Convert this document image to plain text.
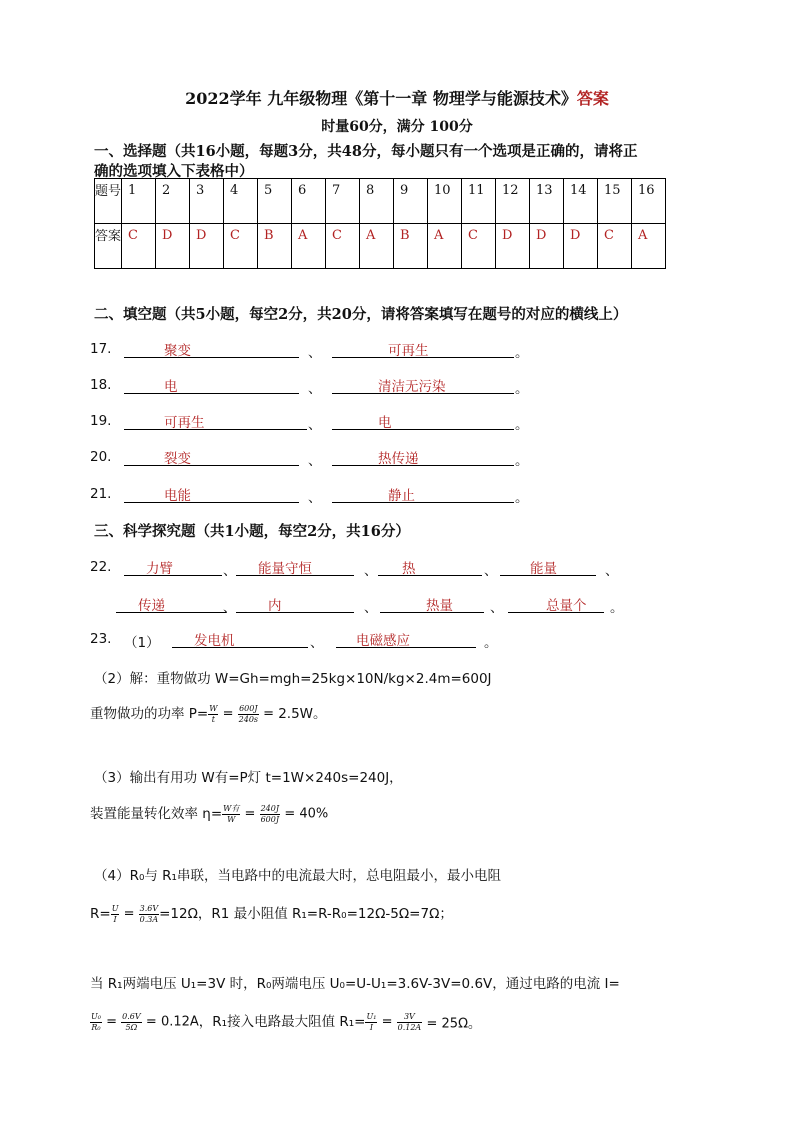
2022学年 九年级物理《第十一章 物理学与能源技术》答案
时量60分，满分 100分
一、选择题（共16小题，每题3分，共48分，每小题只有一个选项是正确的，请将正
确的选项填入下表格中）
题号	1	2	3	4	5	6	7	8	9	10	11	12	13	14	15	16
答案	C	D	D	C	B	A	C	A	B	A	C	D	D	D	C	A
二、填空题（共5小题，每空2分，共20分，请将答案填写在题号的对应的横线上）
17.	聚变	、	可再生	。
18.	电	、	清洁无污染	。
19.	可再生	、	电	。
20.	裂变	、	热传递	。
21.	电能	、	静止	。
三、科学探究题（共1小题，每空2分，共16分）
22.	力臂	、	能量守恒	、	热	、	能量	、
传递	、	内	、	热量	、	总量个	。
23. （1）	发电机	、	电磁感应	。
（2）解：重物做功 W=Gh=mgh=25kg×10N/kg×2.4m=600J
重物做功的功率 $P= \frac{W}{t} = \frac{600J}{240s} = 2.5W$。
（3）输出有用功 W有=P灯 t=1W×240s=240J，
装置能量转化效率 $\eta= \frac{\text{W有}}{W} = \frac{240J}{600J} = 40\%$
（4）R₀与 R₁串联，当电路中的电流最大时，总电阻最小，最小电阻
$R= \frac{U}{I} = \frac{3.6V}{0.3A} =12\Omega$，R1 最小阻值 R₁=R-R₀=12Ω-5Ω=7Ω；
当 R₁两端电压 U₁=3V 时，R₀两端电压 U₀=U-U₁=3.6V-3V=0.6V，通过电路的电流 I=
$\frac{\text{U₀}}{\text{R₀}} = \frac{0.6V}{5\Omega} = 0.12A$，R₁接入电路最大阻值 $R_1= \frac{\text{U₁}}{I} = \frac{3V}{0.12A} = 25\Omega$。
